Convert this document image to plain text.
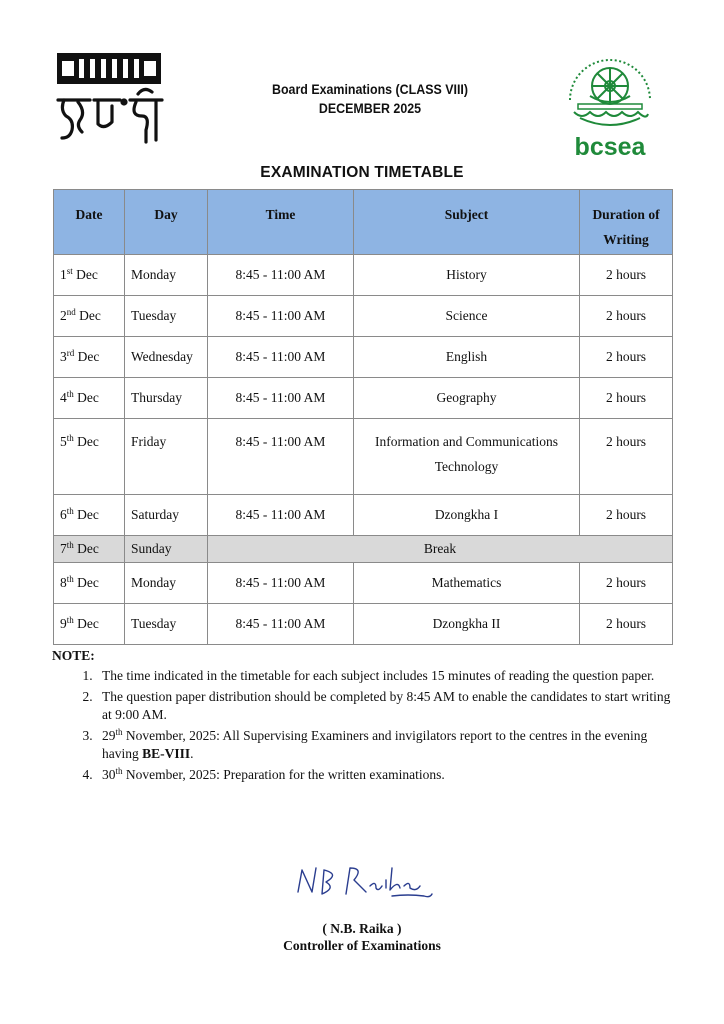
Board Examinations (CLASS VIII)
DECEMBER 2025
bcsea
EXAMINATION TIMETABLE
Date	Day	Time	Subject	Duration of Writing
1st Dec	Monday	8:45 - 11:00 AM	History	2 hours
2nd Dec	Tuesday	8:45 - 11:00 AM	Science	2 hours
3rd Dec	Wednesday	8:45 - 11:00 AM	English	2 hours
4th Dec	Thursday	8:45 - 11:00 AM	Geography	2 hours
5th Dec	Friday	8:45 - 11:00 AM	Information and Communications Technology	2 hours
6th Dec	Saturday	8:45 - 11:00 AM	Dzongkha I	2 hours
7th Dec	Sunday	Break		
8th Dec	Monday	8:45 - 11:00 AM	Mathematics	2 hours
9th Dec	Tuesday	8:45 - 11:00 AM	Dzongkha II	2 hours
NOTE:
1. The time indicated in the timetable for each subject includes 15 minutes of reading the question paper.
2. The question paper distribution should be completed by 8:45 AM to enable the candidates to start writing at 9:00 AM.
3. 29th November, 2025: All Supervising Examiners and invigilators report to the centres in the evening having BE-VIII.
4. 30th November, 2025: Preparation for the written examinations.
( N.B. Raika )
Controller of Examinations
